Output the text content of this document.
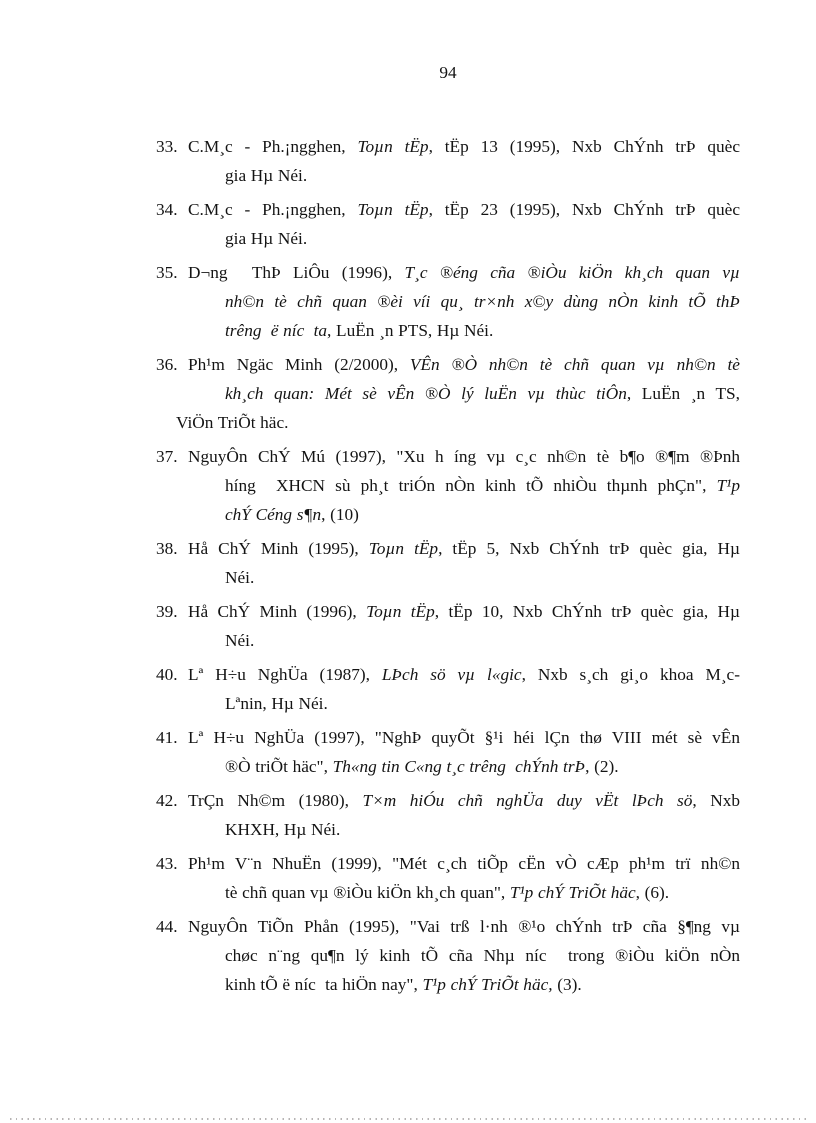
94
33. C.M¸c - Ph.¡ngghen, Toµn tËp, tËp 13 (1995), Nxb ChÝnh trÞ quèc
gia Hµ Néi.
34. C.M¸c - Ph.¡ngghen, Toµn tËp, tËp 23 (1995), Nxb ChÝnh trÞ quèc
gia Hµ Néi.
35. D¬ng  ThÞ LiÔu (1996), T¸c ®éng cña ®iÒu kiÖn kh¸ch quan vµ
nh©n tè chñ quan ®èi víi qu¸ tr×nh x©y dùng nÒn kinh tÕ thÞ
trêng  ë níc  ta, LuËn ¸n PTS, Hµ Néi.
36. Ph¹m Ngäc Minh (2/2000), VÊn ®Ò nh©n tè chñ quan vµ nh©n tè
kh¸ch quan: Mét sè vÊn ®Ò lý luËn vµ thùc tiÔn, LuËn ¸n TS,
ViÖn TriÕt häc.
37. NguyÔn ChÝ Mú (1997), "Xu h íng vµ c¸c nh©n tè b¶o ®¶m ®Þnh
híng  XHCN sù ph¸t triÓn nÒn kinh tÕ nhiÒu thµnh phÇn", T¹p
chÝ Céng s¶n, (10)
38. Hå ChÝ Minh (1995), Toµn tËp, tËp 5, Nxb ChÝnh trÞ quèc gia, Hµ
Néi.
39. Hå ChÝ Minh (1996), Toµn tËp, tËp 10, Nxb ChÝnh trÞ quèc gia, Hµ
Néi.
40. Lª H÷u NghÜa (1987), LÞch sö vµ l«gic, Nxb s¸ch gi¸o khoa M¸c-
Lªnin, Hµ Néi.
41. Lª H÷u NghÜa (1997), "NghÞ quyÕt §¹i héi lÇn thø VIII mét sè vÊn
®Ò triÕt häc", Th«ng tin C«ng t¸c trêng  chÝnh trÞ, (2).
42. TrÇn Nh©m (1980), T×m hiÓu chñ nghÜa duy vËt lÞch sö, Nxb
KHXH, Hµ Néi.
43. Ph¹m V¨n NhuËn (1999), "Mét c¸ch tiÕp cËn vÒ cÆp ph¹m trï nh©n
tè chñ quan vµ ®iÒu kiÖn kh¸ch quan", T¹p chÝ TriÕt häc, (6).
44. NguyÔn TiÕn Phån (1995), "Vai trß l·nh ®¹o chÝnh trÞ cña §¶ng vµ
chøc n¨ng qu¶n lý kinh tÕ cña Nhµ níc  trong ®iÒu kiÖn nÒn
kinh tÕ ë níc  ta hiÖn nay", T¹p chÝ TriÕt häc, (3).
